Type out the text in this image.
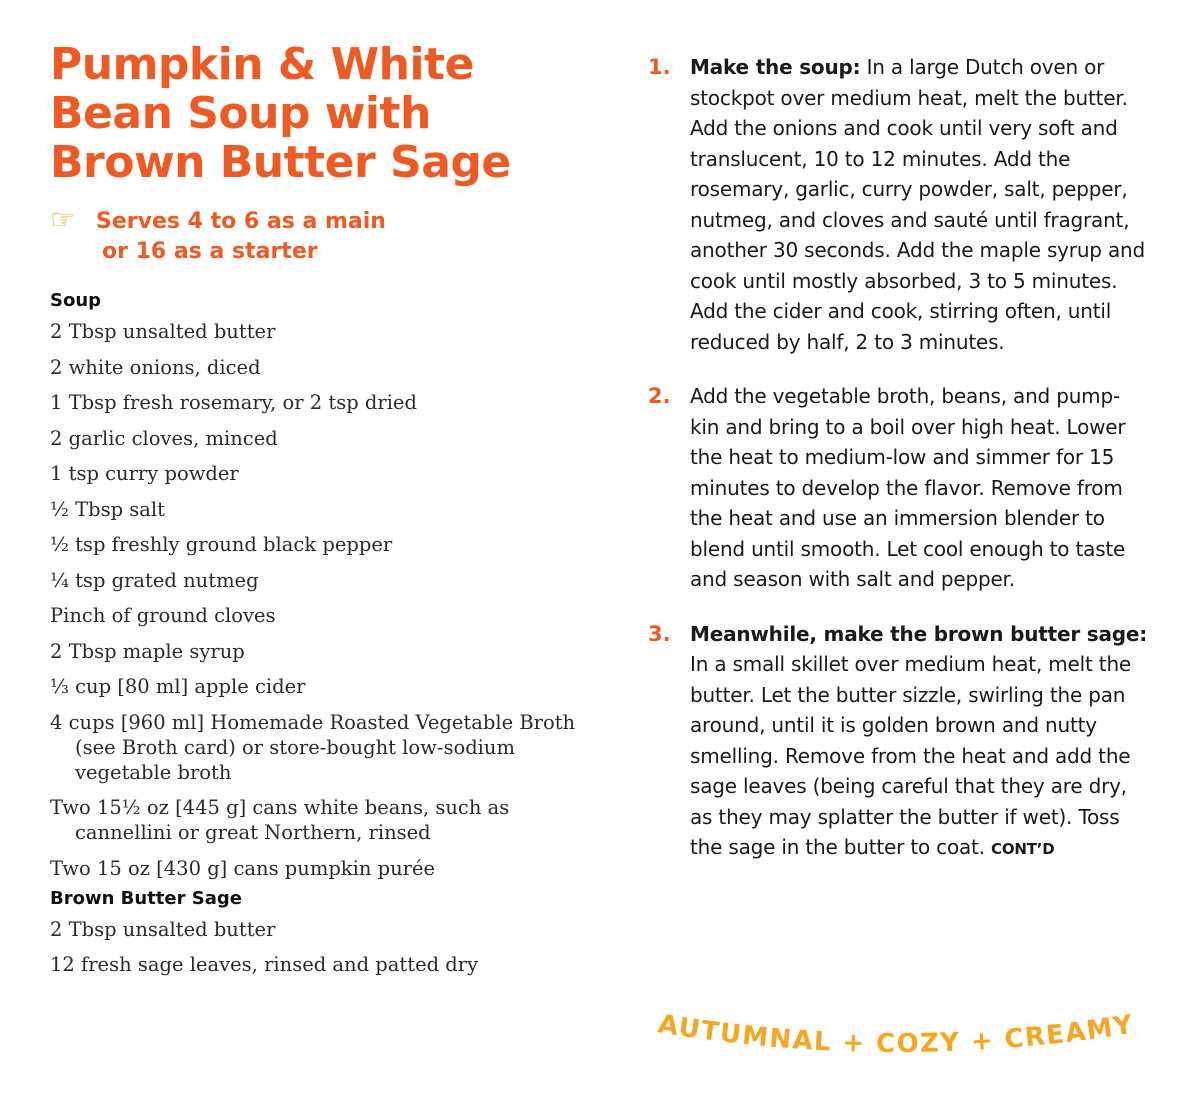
Pumpkin & White
Bean Soup with
Brown Butter Sage
☞ Serves 4 to 6 as a main
or 16 as a starter
Soup
2 Tbsp unsalted butter
2 white onions, diced
1 Tbsp fresh rosemary, or 2 tsp dried
2 garlic cloves, minced
1 tsp curry powder
½ Tbsp salt
½ tsp freshly ground black pepper
¼ tsp grated nutmeg
Pinch of ground cloves
2 Tbsp maple syrup
⅓ cup [80 ml] apple cider
4 cups [960 ml] Homemade Roasted Vegetable Broth (see Broth card) or store-bought low-sodium vegetable broth
Two 15½ oz [445 g] cans white beans, such as cannellini or great Northern, rinsed
Two 15 oz [430 g] cans pumpkin purée
Brown Butter Sage
2 Tbsp unsalted butter
12 fresh sage leaves, rinsed and patted dry
1. Make the soup: In a large Dutch oven or stockpot over medium heat, melt the butter. Add the onions and cook until very soft and translucent, 10 to 12 minutes. Add the rosemary, garlic, curry powder, salt, pepper, nutmeg, and cloves and sauté until fragrant, another 30 seconds. Add the maple syrup and cook until mostly absorbed, 3 to 5 minutes. Add the cider and cook, stirring often, until reduced by half, 2 to 3 minutes.

2. Add the vegetable broth, beans, and pump-kin and bring to a boil over high heat. Lower the heat to medium-low and simmer for 15 minutes to develop the flavor. Remove from the heat and use an immersion blender to blend until smooth. Let cool enough to taste and season with salt and pepper.

3. Meanwhile, make the brown butter sage: In a small skillet over medium heat, melt the butter. Let the butter sizzle, swirling the pan around, until it is golden brown and nutty smelling. Remove from the heat and add the sage leaves (being careful that they are dry, as they may splatter the butter if wet). Toss the sage in the butter to coat. CONT’D

AUTUMNAL + COZY + CREAMY
